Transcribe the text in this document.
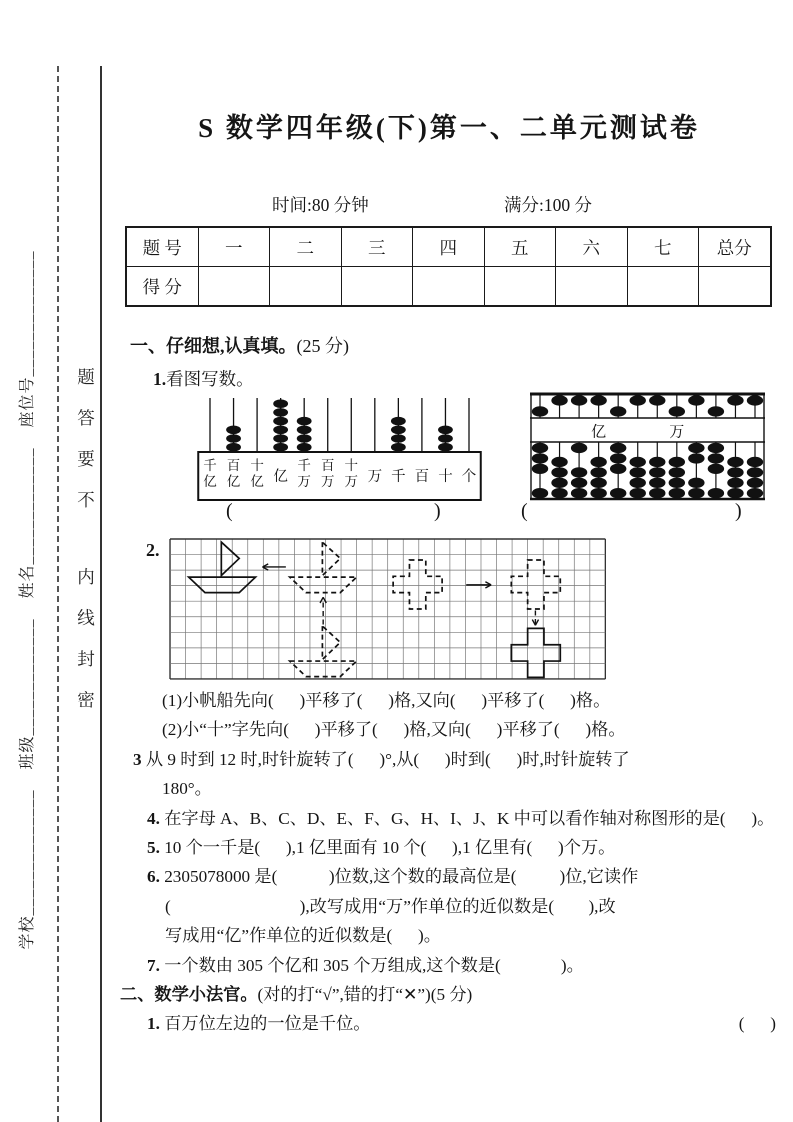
学校______________    班级_____________    姓名_____________    座位号______________	题
答
要
不
内
线
封
密
S 数学四年级(下)第一、二单元测试卷
时间:80 分钟	满分:100 分
题 号	一	二	三	四	五	六	七	总分
得 分								
一、仔细想,认真填。(25 分)
1.看图写数。
千
亿
百
亿
十
亿 亿
千
万
百
万
十
万 万 千 百 十 个
亿	万
(	)	(	)
2.
(1)小帆船先向(      )平移了(      )格,又向(      )平移了(      )格。
(2)小“十”字先向(      )平移了(      )格,又向(      )平移了(      )格。
3 从 9 时到 12 时,时针旋转了(      )°,从(      )时到(      )时,时针旋转了
180°。
4. 在字母 A、B、C、D、E、F、G、H、I、J、K 中可以看作轴对称图形的是(      )。
5. 10 个一千是(      ),1 亿里面有 10 个(      ),1 亿里有(      )个万。
6. 2305078000 是(            )位数,这个数的最高位是(          )位,它读作
(                              ),改写成用“万”作单位的近似数是(        ),改
写成用“亿”作单位的近似数是(      )。
7. 一个数由 305 个亿和 305 个万组成,这个数是(              )。
二、数学小法官。(对的打“√”,错的打“✕”)(5 分)
1. 百万位左边的一位是千位。	(      )
